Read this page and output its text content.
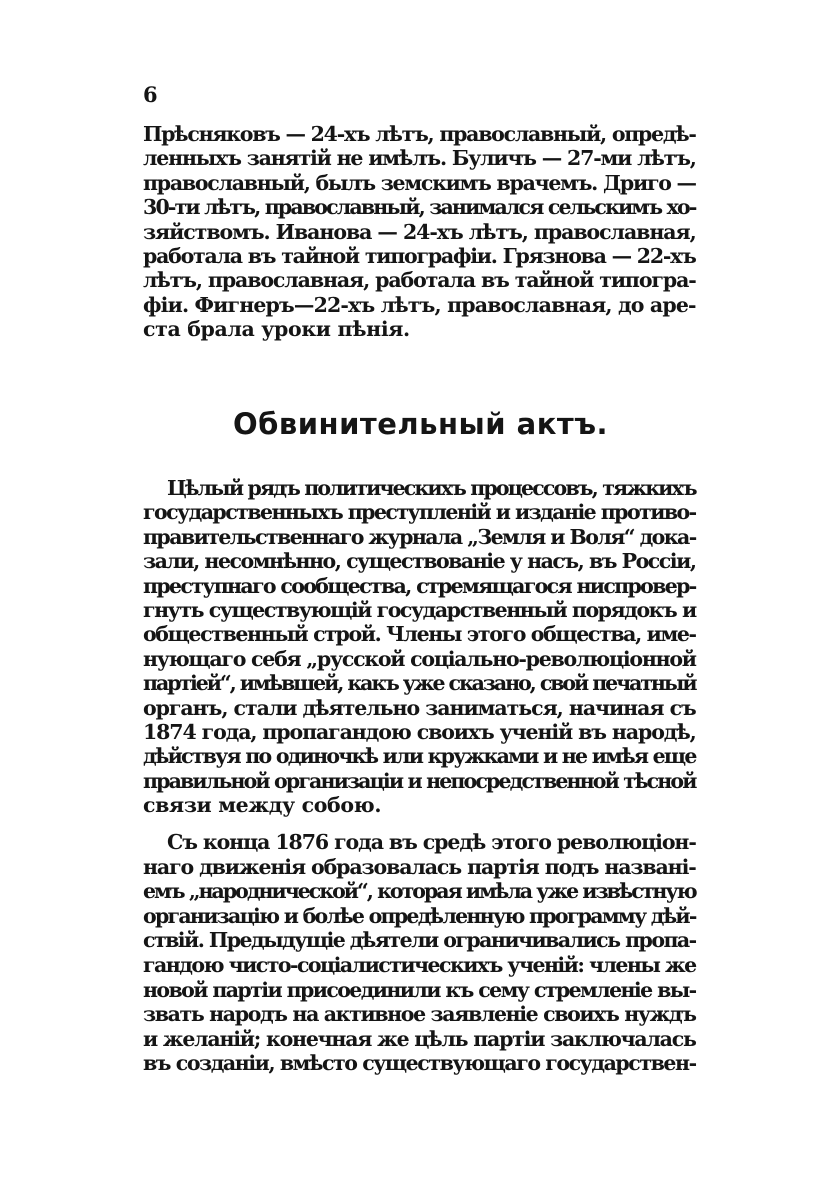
6
Прѣсняковъ — 24-хъ лѣтъ, православный, опредѣ-
ленныхъ занятій не имѣлъ. Буличъ — 27-ми лѣтъ,
православный, былъ земскимъ врачемъ. Дриго —
30-ти лѣтъ, православный, занимался сельскимъ хо-
зяйствомъ. Иванова — 24-хъ лѣтъ, православная,
работала въ тайной типографіи. Грязнова — 22-хъ
лѣтъ, православная, работала въ тайной типогра-
фіи. Фигнеръ—22-хъ лѣтъ, православная, до аре-
ста брала уроки пѣнія.
Обвинительный актъ.
Цѣлый рядъ политическихъ процессовъ, тяжкихъ
государственныхъ преступленій и изданіе противо-
правительственнаго журнала „Земля и Воля“ дока-
зали, несомнѣнно, существованіе у насъ, въ Россіи,
преступнаго сообщества, стремящагося ниспровер-
гнуть существующій государственный порядокъ и
общественный строй. Члены этого общества, име-
нующаго себя „русской соціально-революціонной
партіей“, имѣвшей, какъ уже сказано, свой печатный
органъ, стали дѣятельно заниматься, начиная съ
1874 года, пропагандою своихъ ученій въ народѣ,
дѣйствуя по одиночкѣ или кружками и не имѣя еще
правильной организаціи и непосредственной тѣсной
связи между собою.
Съ конца 1876 года въ средѣ этого революціон-
наго движенія образовалась партія подъ названі-
емъ „народнической“, которая имѣла уже извѣстную
организацію и болѣе опредѣленную программу дѣй-
ствій. Предыдущіе дѣятели ограничивались пропа-
гандою чисто-соціалистическихъ ученій: члены же
новой партіи присоединили къ сему стремленіе вы-
звать народъ на активное заявленіе своихъ нуждъ
и желаній; конечная же цѣль партіи заключалась
въ созданіи, вмѣсто существующаго государствен-
